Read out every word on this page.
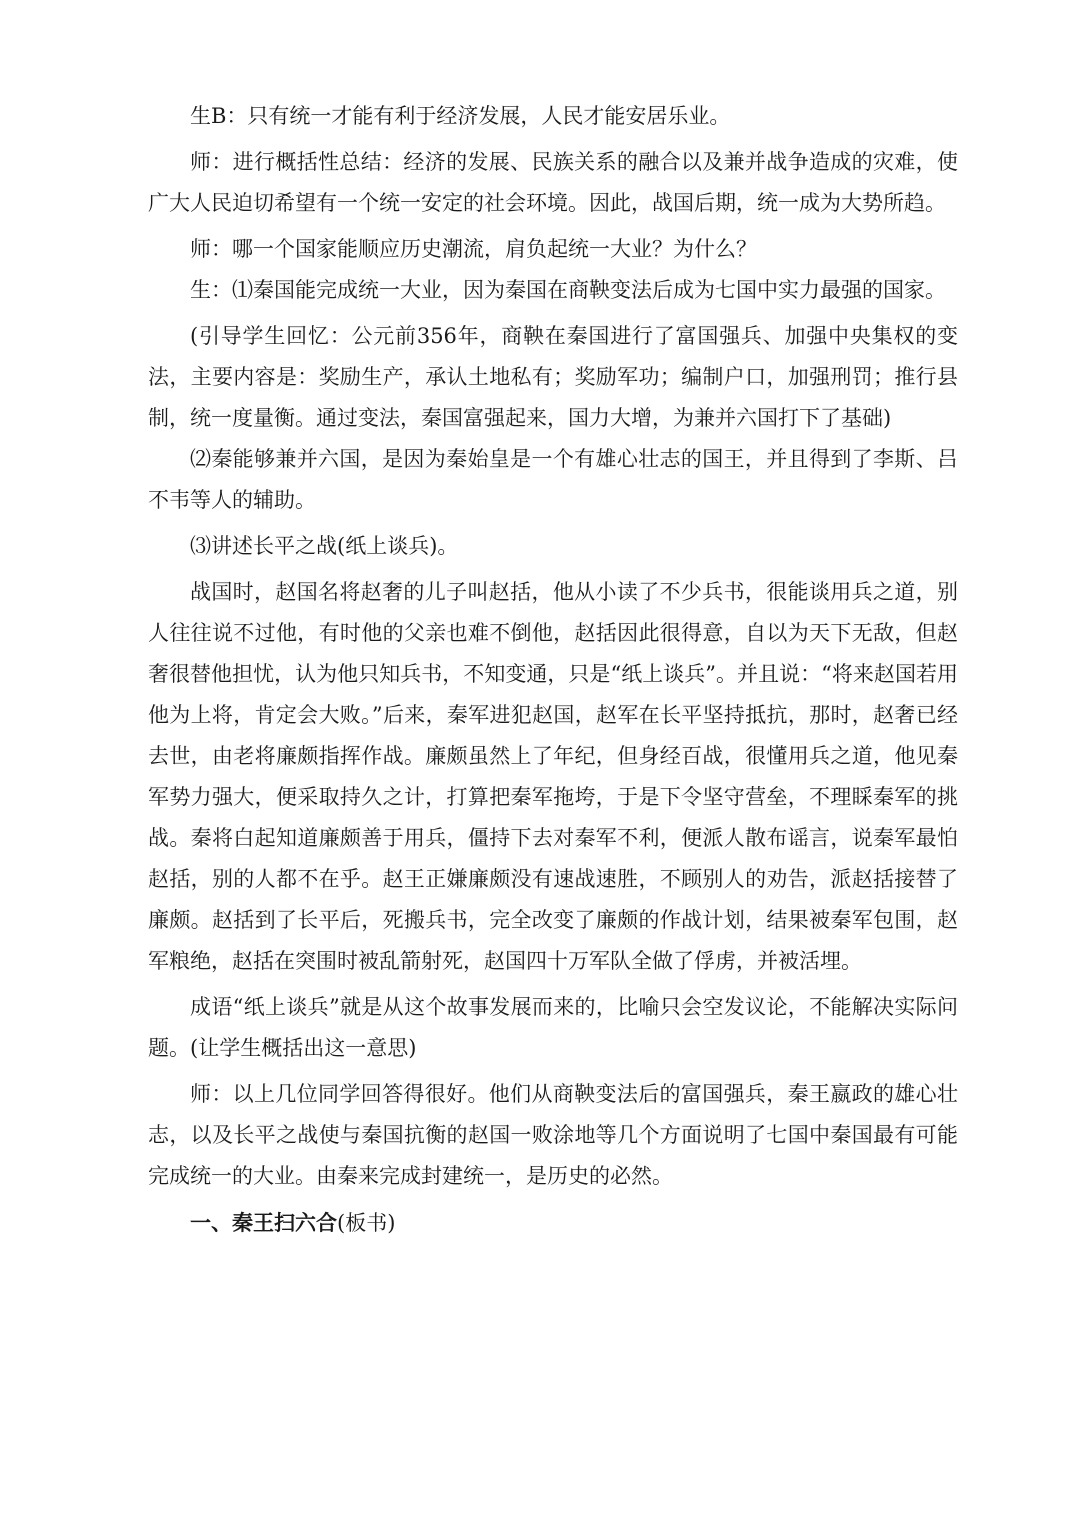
生B：只有统一才能有利于经济发展，人民才能安居乐业。

师：进行概括性总结：经济的发展、民族关系的融合以及兼并战争造成的灾难，使广大人民迫切希望有一个统一安定的社会环境。因此，战国后期，统一成为大势所趋。

师：哪一个国家能顺应历史潮流，肩负起统一大业？为什么？

生：⑴秦国能完成统一大业，因为秦国在商鞅变法后成为七国中实力最强的国家。

(引导学生回忆：公元前356年，商鞅在秦国进行了富国强兵、加强中央集权的变法，主要内容是：奖励生产，承认土地私有；奖励军功；编制户口，加强刑罚；推行县制，统一度量衡。通过变法，秦国富强起来，国力大增，为兼并六国打下了基础)

⑵秦能够兼并六国，是因为秦始皇是一个有雄心壮志的国王，并且得到了李斯、吕不韦等人的辅助。

⑶讲述长平之战(纸上谈兵)。

战国时，赵国名将赵奢的儿子叫赵括，他从小读了不少兵书，很能谈用兵之道，别人往往说不过他，有时他的父亲也难不倒他，赵括因此很得意，自以为天下无敌，但赵奢很替他担忧，认为他只知兵书，不知变通，只是“纸上谈兵”。并且说：“将来赵国若用他为上将，肯定会大败。”后来，秦军进犯赵国，赵军在长平坚持抵抗，那时，赵奢已经去世，由老将廉颇指挥作战。廉颇虽然上了年纪，但身经百战，很懂用兵之道，他见秦军势力强大，便采取持久之计，打算把秦军拖垮，于是下令坚守营垒，不理睬秦军的挑战。秦将白起知道廉颇善于用兵，僵持下去对秦军不利，便派人散布谣言，说秦军最怕赵括，别的人都不在乎。赵王正嫌廉颇没有速战速胜，不顾别人的劝告，派赵括接替了廉颇。赵括到了长平后，死搬兵书，完全改变了廉颇的作战计划，结果被秦军包围，赵军粮绝，赵括在突围时被乱箭射死，赵国四十万军队全做了俘虏，并被活埋。

成语“纸上谈兵”就是从这个故事发展而来的，比喻只会空发议论，不能解决实际问题。(让学生概括出这一意思)

师：以上几位同学回答得很好。他们从商鞅变法后的富国强兵，秦王嬴政的雄心壮志，以及长平之战使与秦国抗衡的赵国一败涂地等几个方面说明了七国中秦国最有可能完成统一的大业。由秦来完成封建统一，是历史的必然。

一、秦王扫六合(板书)
